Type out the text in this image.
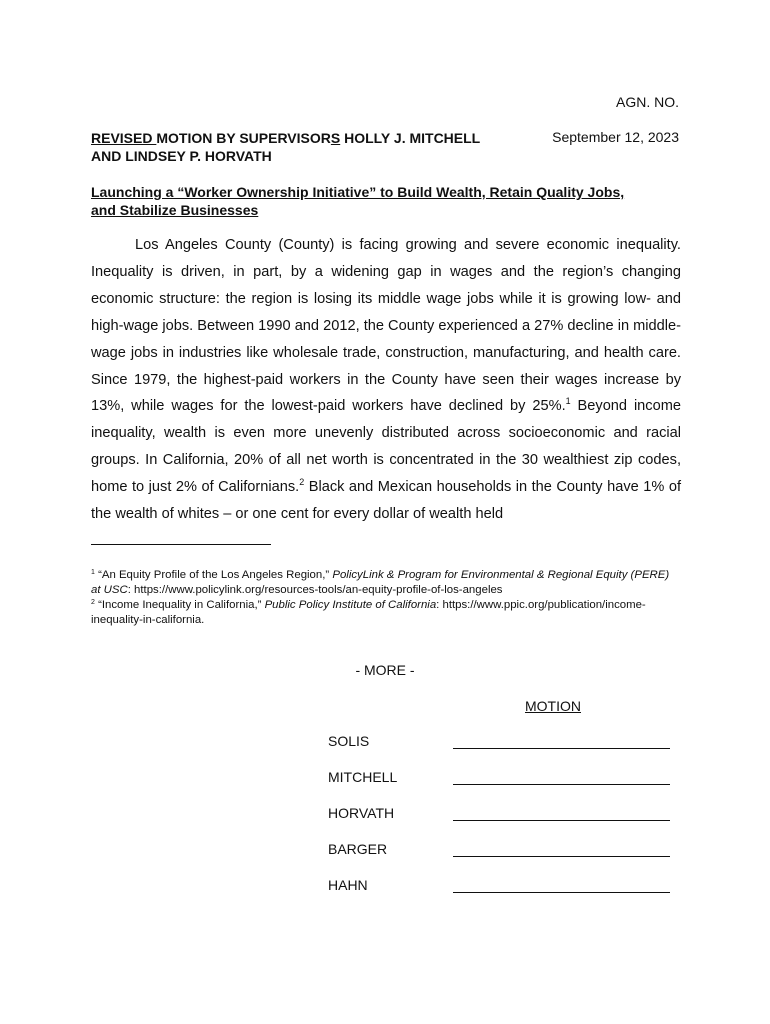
AGN. NO.
REVISED MOTION BY SUPERVISORS HOLLY J. MITCHELL
AND LINDSEY P. HORVATH
September 12, 2023
Launching a “Worker Ownership Initiative” to Build Wealth, Retain Quality Jobs,
and Stabilize Businesses

Los Angeles County (County) is facing growing and severe economic inequality. Inequality is driven, in part, by a widening gap in wages and the region’s changing economic structure: the region is losing its middle wage jobs while it is growing low- and high-wage jobs. Between 1990 and 2012, the County experienced a 27% decline in middle-wage jobs in industries like wholesale trade, construction, manufacturing, and health care. Since 1979, the highest-paid workers in the County have seen their wages increase by 13%, while wages for the lowest-paid workers have declined by 25%.$^1$ Beyond income inequality, wealth is even more unevenly distributed across socioeconomic and racial groups. In California, 20% of all net worth is concentrated in the 30 wealthiest zip codes, home to just 2% of Californians.$^2$ Black and Mexican households in the County have 1% of the wealth of whites – or one cent for every dollar of wealth held

$^1$ “An Equity Profile of the Los Angeles Region,” PolicyLink & Program for Environmental & Regional Equity (PERE) at USC: https://www.policylink.org/resources-tools/an-equity-profile-of-los-angeles
$^2$ “Income Inequality in California,” Public Policy Institute of California: https://www.ppic.org/publication/income-inequality-in-california.
- MORE -
MOTION
SOLIS
MITCHELL
HORVATH
BARGER
HAHN
